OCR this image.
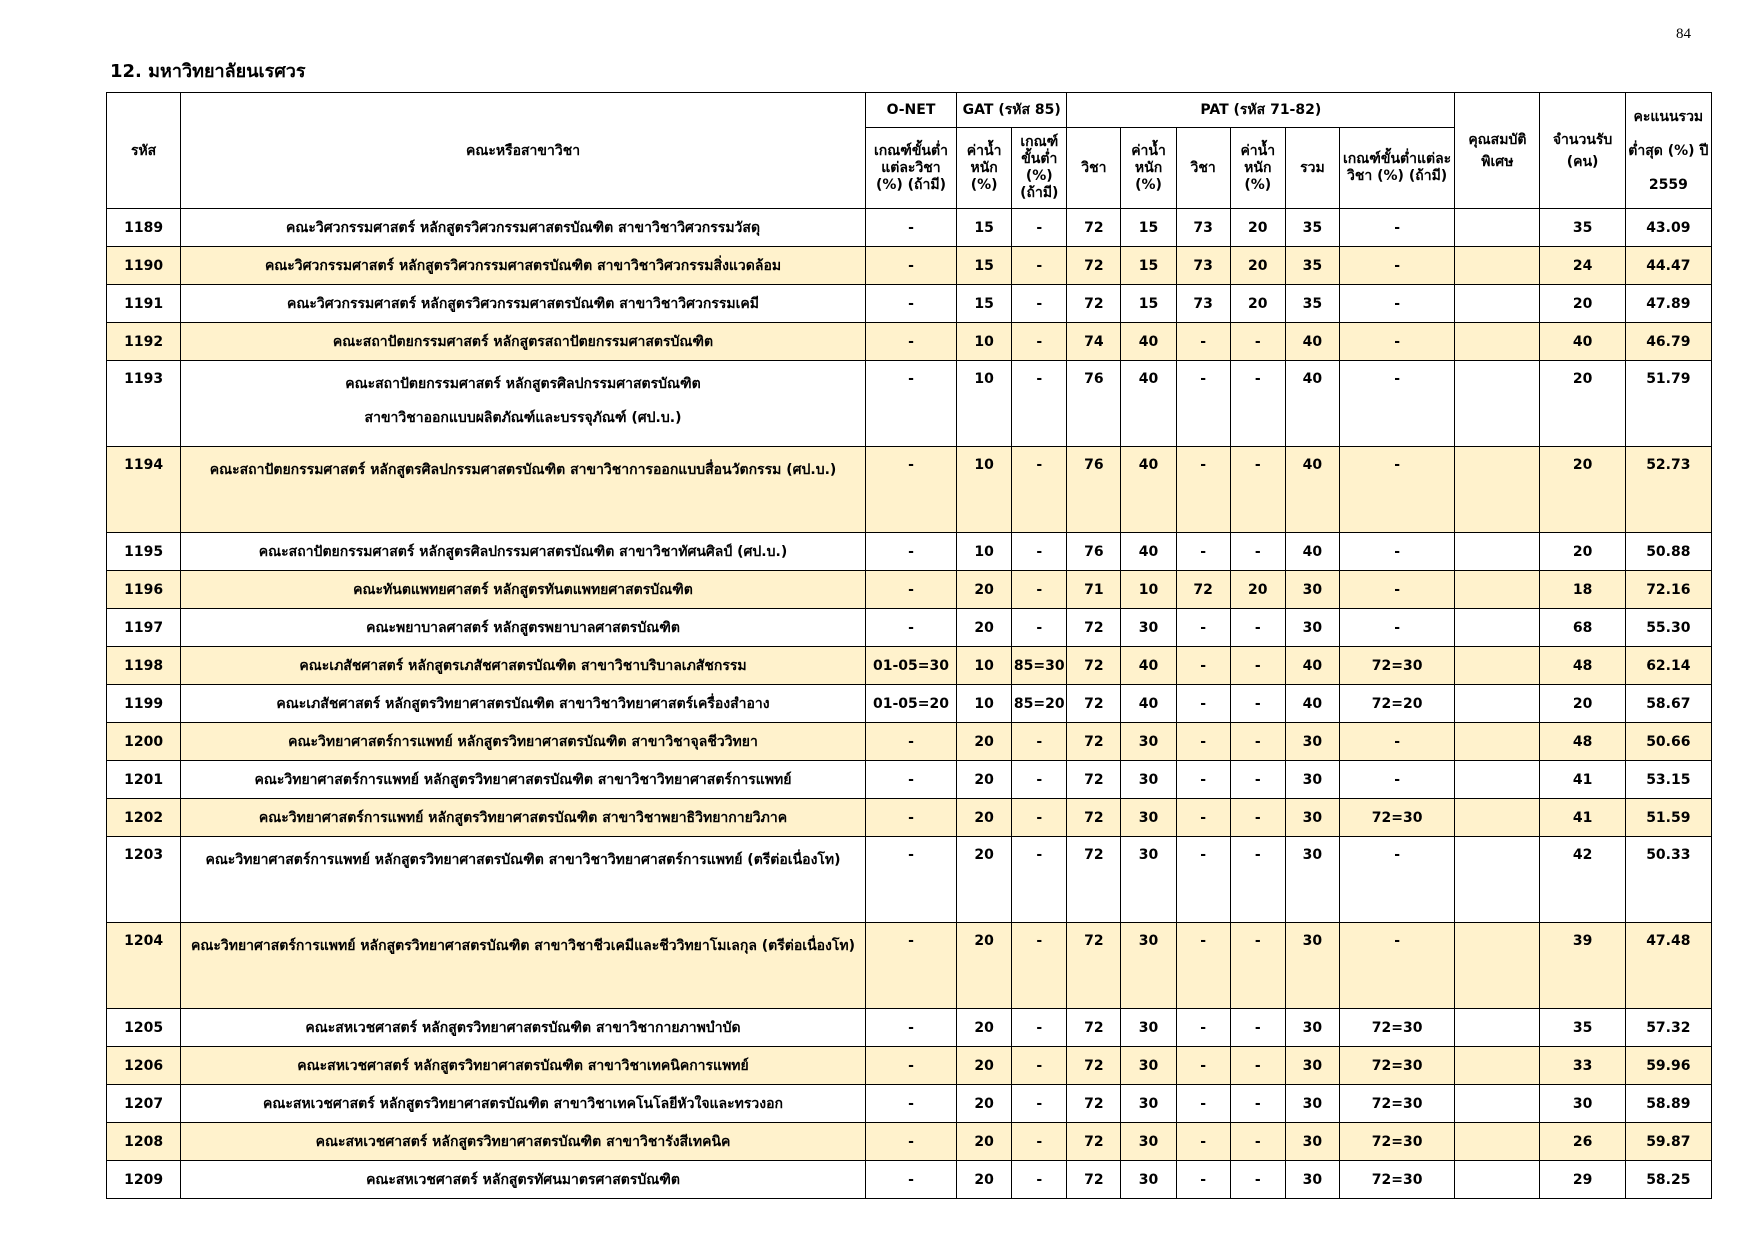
84
12. มหาวิทยาลัยนเรศวร
รหัส	คณะหรือสาขาวิชา	O-NET	GAT (รหัส 85)		PAT (รหัส 71-82)						คุณสมบัติพิเศษ	จำนวนรับ (คน)	คะแนนรวม ต่ำสุด (%) ปี 2559
		เกณฑ์ขั้นต่ำแต่ละวิชา (%) (ถ้ามี)	ค่าน้ำหนัก (%)	เกณฑ์ขั้นต่ำ (%) (ถ้ามี)	วิชา	ค่าน้ำหนัก (%)	วิชา	ค่าน้ำหนัก (%)	รวม	เกณฑ์ขั้นต่ำแต่ละวิชา (%) (ถ้ามี)			
1189	คณะวิศวกรรมศาสตร์ หลักสูตรวิศวกรรมศาสตรบัณฑิต สาขาวิชาวิศวกรรมวัสดุ	-	15	-	72	15	73	20	35	-		35	43.09
1190	คณะวิศวกรรมศาสตร์ หลักสูตรวิศวกรรมศาสตรบัณฑิต สาขาวิชาวิศวกรรมสิ่งแวดล้อม	-	15	-	72	15	73	20	35	-		24	44.47
1191	คณะวิศวกรรมศาสตร์ หลักสูตรวิศวกรรมศาสตรบัณฑิต สาขาวิชาวิศวกรรมเคมี	-	15	-	72	15	73	20	35	-		20	47.89
1192	คณะสถาปัตยกรรมศาสตร์ หลักสูตรสถาปัตยกรรมศาสตรบัณฑิต	-	10	-	74	40	-	-	40	-		40	46.79
1193	คณะสถาปัตยกรรมศาสตร์ หลักสูตรศิลปกรรมศาสตรบัณฑิต
สาขาวิชาออกแบบผลิตภัณฑ์และบรรจุภัณฑ์ (ศป.บ.)	-	10	-	76	40	-	-	40	-		20	51.79
1194	คณะสถาปัตยกรรมศาสตร์ หลักสูตรศิลปกรรมศาสตรบัณฑิต สาขาวิชาการออกแบบสื่อนวัตกรรม (ศป.บ.)	-	10	-	76	40	-	-	40	-		20	52.73
1195	คณะสถาปัตยกรรมศาสตร์ หลักสูตรศิลปกรรมศาสตรบัณฑิต สาขาวิชาทัศนศิลป์ (ศป.บ.)	-	10	-	76	40	-	-	40	-		20	50.88
1196	คณะทันตแพทยศาสตร์ หลักสูตรทันตแพทยศาสตรบัณฑิต	-	20	-	71	10	72	20	30	-		18	72.16
1197	คณะพยาบาลศาสตร์ หลักสูตรพยาบาลศาสตรบัณฑิต	-	20	-	72	30	-	-	30	-		68	55.30
1198	คณะเภสัชศาสตร์ หลักสูตรเภสัชศาสตรบัณฑิต สาขาวิชาบริบาลเภสัชกรรม	01-05=30	10	85=30	72	40	-	-	40	72=30		48	62.14
1199	คณะเภสัชศาสตร์ หลักสูตรวิทยาศาสตรบัณฑิต สาขาวิชาวิทยาศาสตร์เครื่องสำอาง	01-05=20	10	85=20	72	40	-	-	40	72=20		20	58.67
1200	คณะวิทยาศาสตร์การแพทย์ หลักสูตรวิทยาศาสตรบัณฑิต สาขาวิชาจุลชีววิทยา	-	20	-	72	30	-	-	30	-		48	50.66
1201	คณะวิทยาศาสตร์การแพทย์ หลักสูตรวิทยาศาสตรบัณฑิต สาขาวิชาวิทยาศาสตร์การแพทย์	-	20	-	72	30	-	-	30	-		41	53.15
1202	คณะวิทยาศาสตร์การแพทย์ หลักสูตรวิทยาศาสตรบัณฑิต สาขาวิชาพยาธิวิทยากายวิภาค	-	20	-	72	30	-	-	30	72=30		41	51.59
1203	คณะวิทยาศาสตร์การแพทย์ หลักสูตรวิทยาศาสตรบัณฑิต สาขาวิชาวิทยาศาสตร์การแพทย์ (ตรีต่อเนื่องโท)	-	20	-	72	30	-	-	30	-		42	50.33
1204	คณะวิทยาศาสตร์การแพทย์ หลักสูตรวิทยาศาสตรบัณฑิต สาขาวิชาชีวเคมีและชีววิทยาโมเลกุล (ตรีต่อเนื่องโท)	-	20	-	72	30	-	-	30	-		39	47.48
1205	คณะสหเวชศาสตร์ หลักสูตรวิทยาศาสตรบัณฑิต สาขาวิชากายภาพบำบัด	-	20	-	72	30	-	-	30	72=30		35	57.32
1206	คณะสหเวชศาสตร์ หลักสูตรวิทยาศาสตรบัณฑิต สาขาวิชาเทคนิคการแพทย์	-	20	-	72	30	-	-	30	72=30		33	59.96
1207	คณะสหเวชศาสตร์ หลักสูตรวิทยาศาสตรบัณฑิต สาขาวิชาเทคโนโลยีหัวใจและทรวงอก	-	20	-	72	30	-	-	30	72=30		30	58.89
1208	คณะสหเวชศาสตร์ หลักสูตรวิทยาศาสตรบัณฑิต สาขาวิชารังสีเทคนิค	-	20	-	72	30	-	-	30	72=30		26	59.87
1209	คณะสหเวชศาสตร์ หลักสูตรทัศนมาตรศาสตรบัณฑิต	-	20	-	72	30	-	-	30	72=30		29	58.25
